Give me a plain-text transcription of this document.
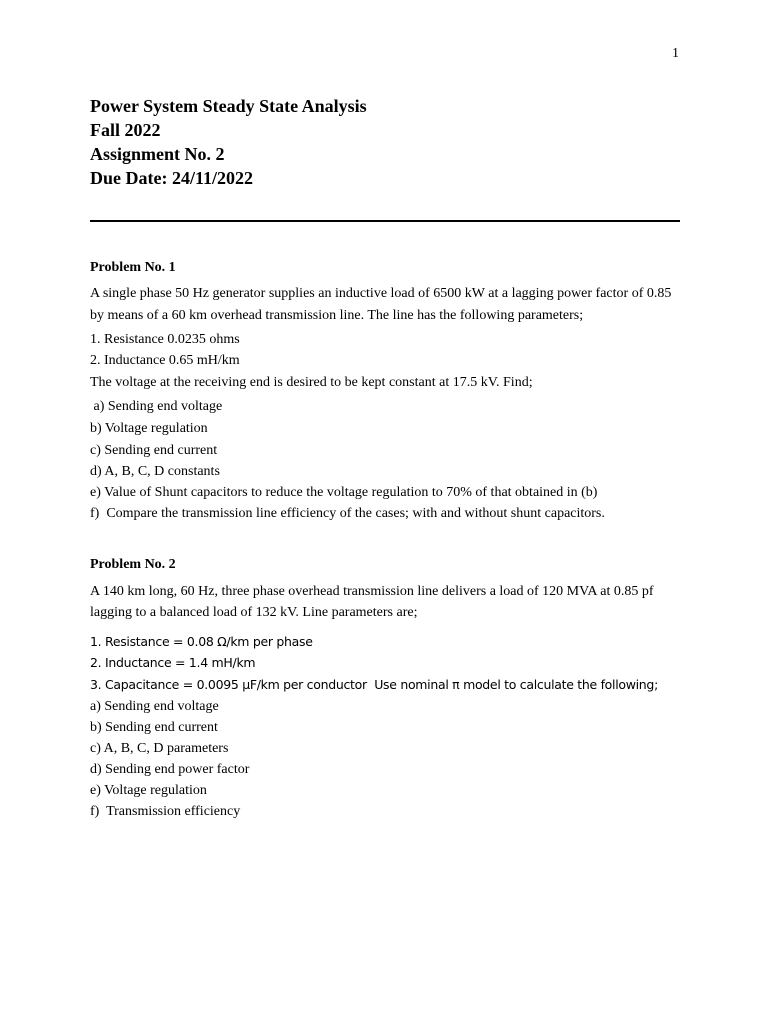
1
Power System Steady State Analysis
Fall 2022
Assignment No. 2
Due Date: 24/11/2022
Problem No. 1
A single phase 50 Hz generator supplies an inductive load of 6500 kW at a lagging power factor of 0.85
by means of a 60 km overhead transmission line. The line has the following parameters;
1. Resistance 0.0235 ohms
2. Inductance 0.65 mH/km
The voltage at the receiving end is desired to be kept constant at 17.5 kV. Find;
a) Sending end voltage
b) Voltage regulation
c) Sending end current
d) A, B, C, D constants
e) Value of Shunt capacitors to reduce the voltage regulation to 70% of that obtained in (b)
f)  Compare the transmission line efficiency of the cases; with and without shunt capacitors.
Problem No. 2
A 140 km long, 60 Hz, three phase overhead transmission line delivers a load of 120 MVA at 0.85 pf
lagging to a balanced load of 132 kV. Line parameters are;
1. Resistance = 0.08 Ω/km per phase
2. Inductance = 1.4 mH/km
3. Capacitance = 0.0095 μF/km per conductor  Use nominal π model to calculate the following;
a) Sending end voltage
b) Sending end current
c) A, B, C, D parameters
d) Sending end power factor
e) Voltage regulation
f)  Transmission efficiency
